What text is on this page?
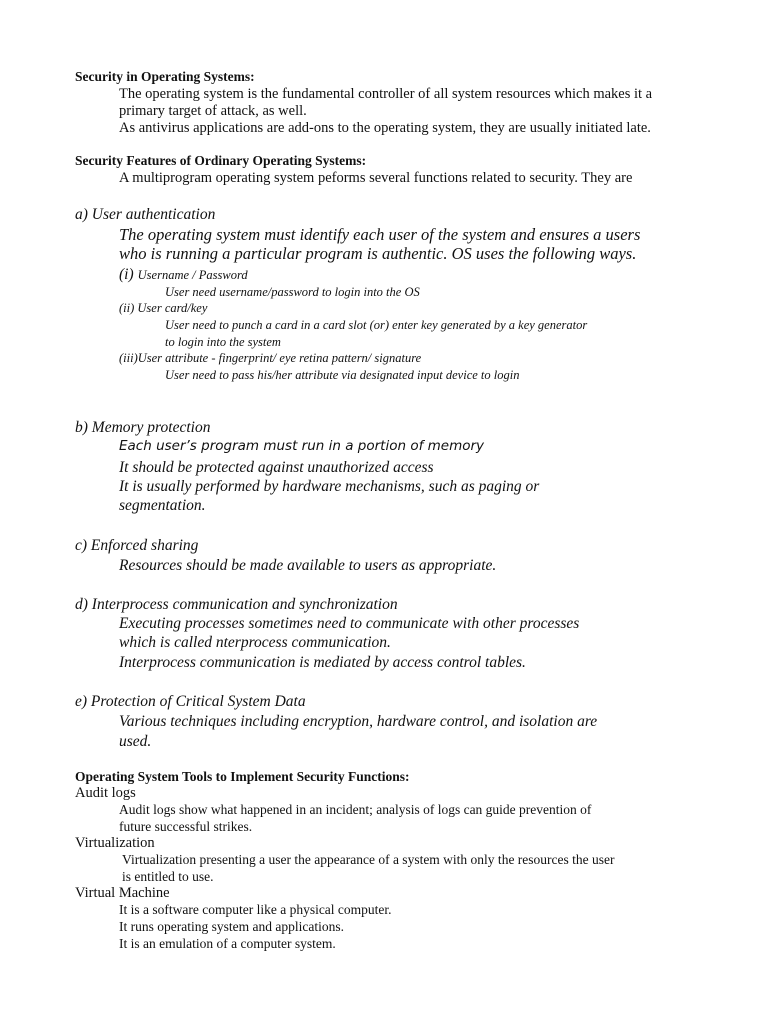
Security in Operating Systems:
The operating system is the fundamental controller of all system resources which makes it a
primary target of attack, as well.
As antivirus applications are add-ons to the operating system, they are usually initiated late.
Security Features of Ordinary Operating Systems:
A multiprogram operating system peforms several functions related to security. They are
a) User authentication
The operating system must identify each user of the system and ensures a users
who is running a particular program is authentic. OS uses the following ways.
(i) Username / Password
User need username/password to login into the OS
(ii) User card/key
User need to punch a card in a card slot (or) enter key generated by a key generator
to login into the system
(iii)User attribute - fingerprint/ eye retina pattern/ signature
User need to pass his/her attribute via designated input device to login
b) Memory protection
Each user’s program must run in a portion of memory
It should be protected against unauthorized access
It is usually performed by hardware mechanisms, such as paging or
segmentation.
c) Enforced sharing
Resources should be made available to users as appropriate.
d) Interprocess communication and synchronization
Executing processes sometimes need to communicate with other processes
which is called nterprocess communication.
Interprocess communication is mediated by access control tables.
e) Protection of Critical System Data
Various techniques including encryption, hardware control, and isolation are
used.
Operating System Tools to Implement Security Functions:
Audit logs
Audit logs show what happened in an incident; analysis of logs can guide prevention of
future successful strikes.
Virtualization
Virtualization presenting a user the appearance of a system with only the resources the user
is entitled to use.
Virtual Machine
It is a software computer like a physical computer.
It runs operating system and applications.
It is an emulation of a computer system.
